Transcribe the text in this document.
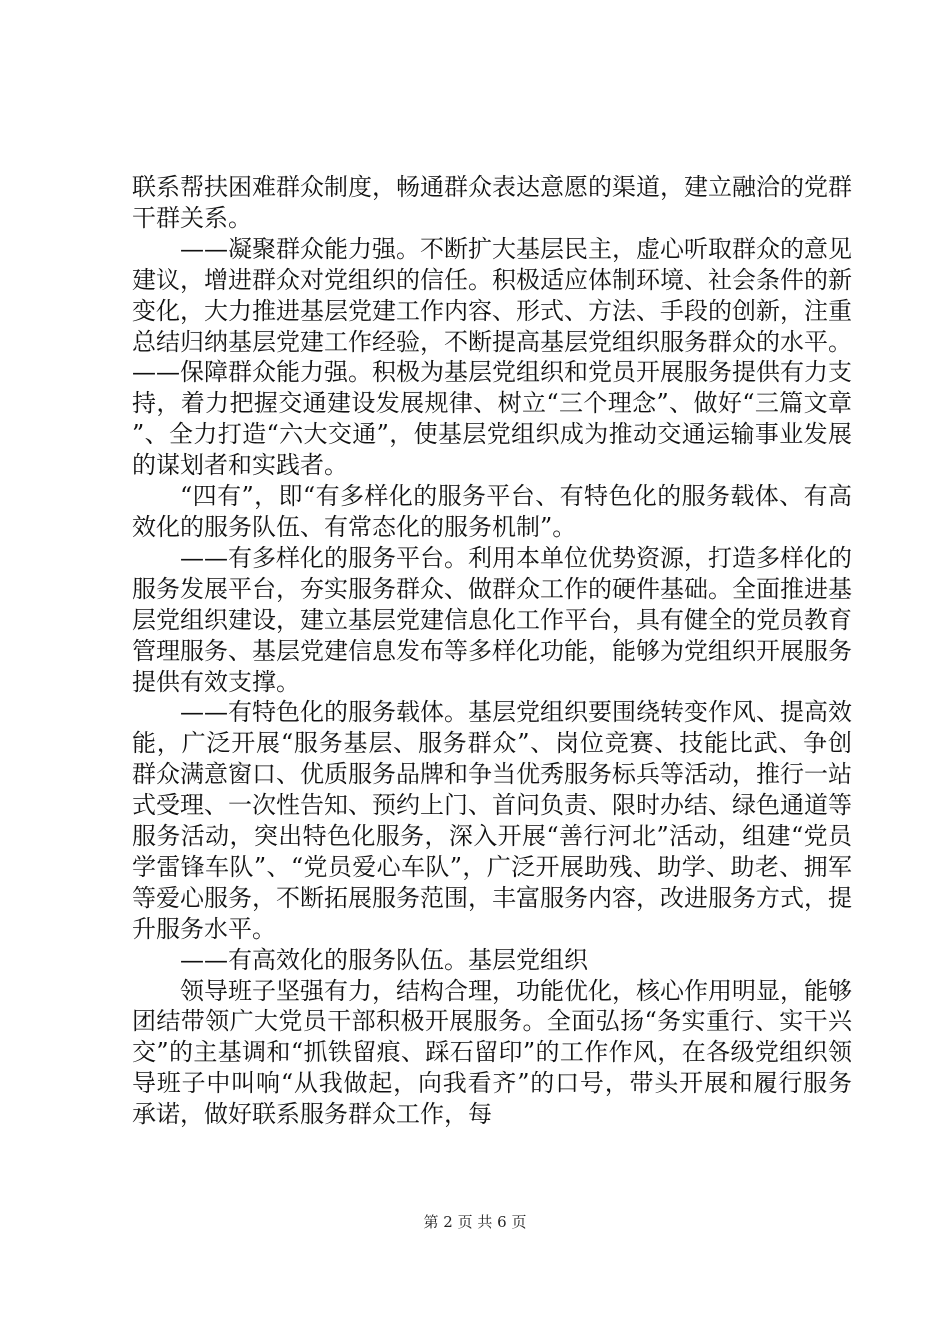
联系帮扶困难群众制度，畅通群众表达意愿的渠道，建立融洽的党群干群关系。

——凝聚群众能力强。不断扩大基层民主，虚心听取群众的意见建议，增进群众对党组织的信任。积极适应体制环境、社会条件的新变化，大力推进基层党建工作内容、形式、方法、手段的创新，注重总结归纳基层党建工作经验，不断提高基层党组织服务群众的水平。——保障群众能力强。积极为基层党组织和党员开展服务提供有力支持，着力把握交通建设发展规律、树立“三个理念”、做好“三篇文章”、全力打造“六大交通”，使基层党组织成为推动交通运输事业发展的谋划者和实践者。

“四有”，即“有多样化的服务平台、有特色化的服务载体、有高效化的服务队伍、有常态化的服务机制”。

——有多样化的服务平台。利用本单位优势资源，打造多样化的服务发展平台，夯实服务群众、做群众工作的硬件基础。全面推进基层党组织建设，建立基层党建信息化工作平台，具有健全的党员教育管理服务、基层党建信息发布等多样化功能，能够为党组织开展服务提供有效支撑。

——有特色化的服务载体。基层党组织要围绕转变作风、提高效能，广泛开展“服务基层、服务群众”、岗位竞赛、技能比武、争创群众满意窗口、优质服务品牌和争当优秀服务标兵等活动，推行一站式受理、一次性告知、预约上门、首问负责、限时办结、绿色通道等服务活动，突出特色化服务，深入开展“善行河北”活动，组建“党员学雷锋车队”、“党员爱心车队”，广泛开展助残、助学、助老、拥军等爱心服务，不断拓展服务范围，丰富服务内容，改进服务方式，提升服务水平。

——有高效化的服务队伍。基层党组织

领导班子坚强有力，结构合理，功能优化，核心作用明显，能够团结带领广大党员干部积极开展服务。全面弘扬“务实重行、实干兴交”的主基调和“抓铁留痕、踩石留印”的工作作风，在各级党组织领导班子中叫响“从我做起，向我看齐”的口号，带头开展和履行服务承诺，做好联系服务群众工作，每

第 2 页 共 6 页
